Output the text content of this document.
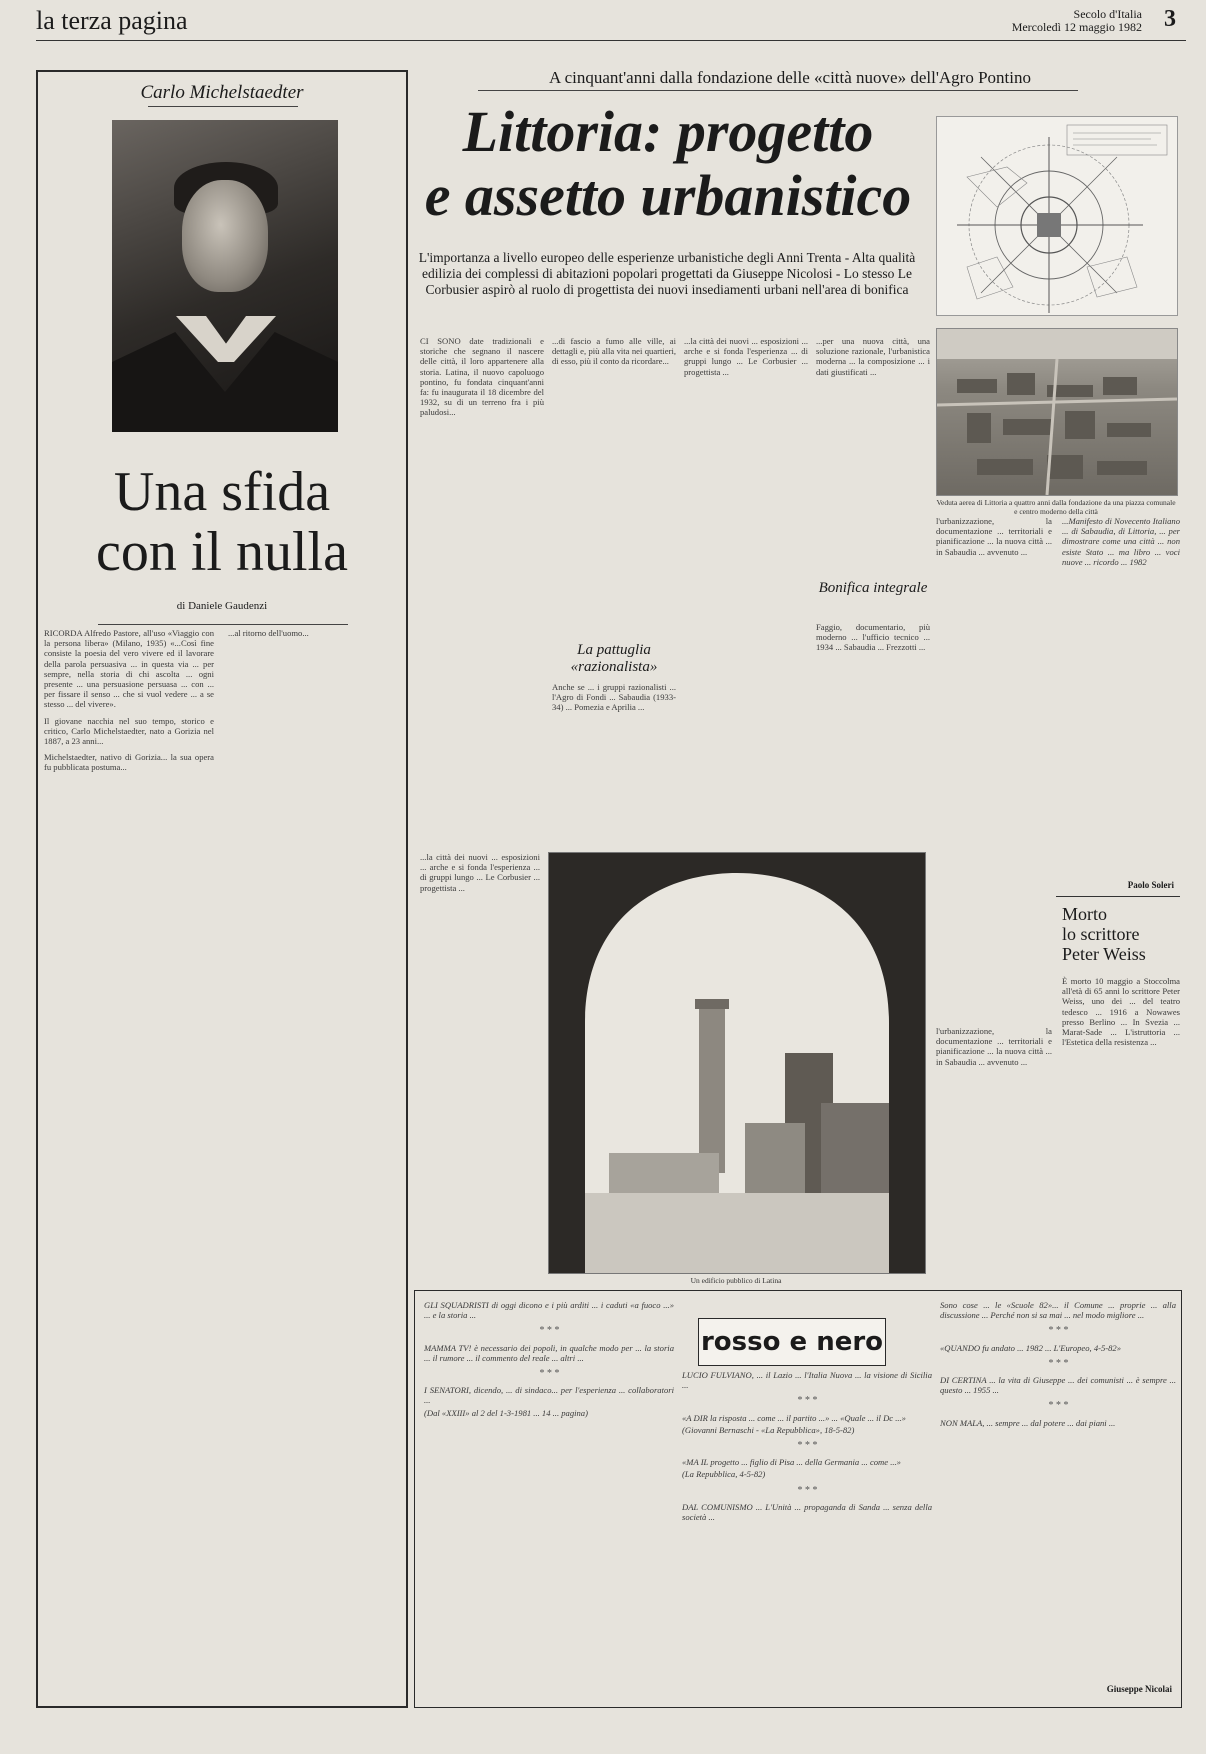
la terza pagina	Secolo d'Italia
Mercoledì 12 maggio 1982 3
Carlo Michelstaedter
Una sfida
con il nulla
di Daniele Gaudenzi

RICORDA Alfredo Pastore, all'uso «Viaggio con la persona libera» (Milano, 1935) «...Così fine consiste la poesia del vero vivere ed il lavorare della parola persuasiva ... in questa via ... per sempre, nella storia di chi ascolta ... ogni presente ... una persuasione persuasa ... con ... per fissare il senso ... che si vuol vedere ... a se stesso ... del vivere».

Il giovane nacchia nel suo tempo, storico e critico, Carlo Michelstaedter, nato a Gorizia nel 1887, a 23 anni...

Michelstaedter, nativo di Gorizia... la sua opera fu pubblicata postuma...

...al ritorno dell'uomo...

A cinquant'anni dalla fondazione delle «città nuove» dell'Agro Pontino
Littoria: progetto
e assetto urbanistico
L'importanza a livello europeo delle esperienze urbanistiche degli Anni Trenta - Alta qualità edilizia dei complessi di abitazioni popolari progettati da Giuseppe Nicolosi - Lo stesso Le Corbusier aspirò al ruolo di progettista dei nuovi insediamenti urbani nell'area di bonifica
Veduta aerea di Littoria a quattro anni dalla fondazione da una piazza comunale e centro moderno della città

CI SONO date tradizionali e storiche che segnano il nascere delle città, il loro appartenere alla storia. Latina, il nuovo capoluogo pontino, fu fondata cinquant'anni fa: fu inaugurata il 18 dicembre del 1932, su di un terreno fra i più paludosi...

...di fascio a fumo alle ville, ai dettagli e, più alla vita nei quartieri, di esso, più il conto da ricordare...

La pattuglia «razionalista»

Anche se ... i gruppi razionalisti ... l'Agro di Fondi ... Sabaudia (1933-34) ... Pomezia e Aprilia ...

...la città dei nuovi ... esposizioni ... arche e si fonda l'esperienza ... di gruppi lungo ... Le Corbusier ... progettista ...

...per una nuova città, una soluzione razionale, l'urbanistica moderna ... la composizione ... i dati giustificati ...

Bonifica integrale

Faggio, documentario, più moderno ... l'ufficio tecnico ... 1934 ... Sabaudia ... Frezzotti ...

...la città dei nuovi ... esposizioni ... arche e si fonda l'esperienza ... di gruppi lungo ... Le Corbusier ... progettista ...

Un edificio pubblico di Latina

l'urbanizzazione, la documentazione ... territoriali e pianificazione ... la nuova città ... in Sabaudia ... avvenuto ...

...Manifesto di Novecento Italiano ... di Sabaudia, di Littoria, ... per dimostrare come una città ... non esiste Stato ... ma libro ... voci nuove ... ricordo ... 1982

Paolo Soleri
Morto
lo scrittore
Peter Weiss

È morto 10 maggio a Stoccolma all'età di 65 anni lo scrittore Peter Weiss, uno dei ... del teatro tedesco ... 1916 a Nowawes presso Berlino ... In Svezia ... Marat-Sade ... L'istruttoria ... l'Estetica della resistenza ...

l'urbanizzazione, la documentazione ... territoriali e pianificazione ... la nuova città ... in Sabaudia ... avvenuto ...

rosso e nero

GLI SQUADRISTI di oggi dicono e i più arditi ... i caduti «a fuoco ...» ... e la storia ...

* * *

MAMMA TV! è necessario dei popoli, in qualche modo per ... la storia ... il rumore ... il commento del reale ... altri ...

* * *

I SENATORI, dicendo, ... di sindaco... per l'esperienza ... collaboratori ...

(Dal «XXIII» al 2 del 1-3-1981 ... 14 ... pagina)

LUCIO FULVIANO, ... il Lazio ... l'Italia Nuova ... la visione di Sicilia ...

* * *

«A DIR la risposta ... come ... il partito ...» ... «Quale ... il Dc ...»

(Giovanni Bernaschi - «La Repubblica», 18-5-82)

* * *

«MA IL progetto ... figlio di Pisa ... della Germania ... come ...»

(La Repubblica, 4-5-82)

* * *

DAL COMUNISMO ... L'Unità ... propaganda di Sanda ... senza della società ...

Sono cose ... le «Scuole 82»... il Comune ... proprie ... alla discussione ... Perché non si sa mai ... nel modo migliore ...

* * *

«QUANDO fu andato ... 1982 ... L'Europeo, 4-5-82»

* * *

DI CERTINA ... la vita di Giuseppe ... dei comunisti ... è sempre ... questo ... 1955 ...

* * *

NON MALA, ... sempre ... dal potere ... dai piani ...

Giuseppe Nicolai
